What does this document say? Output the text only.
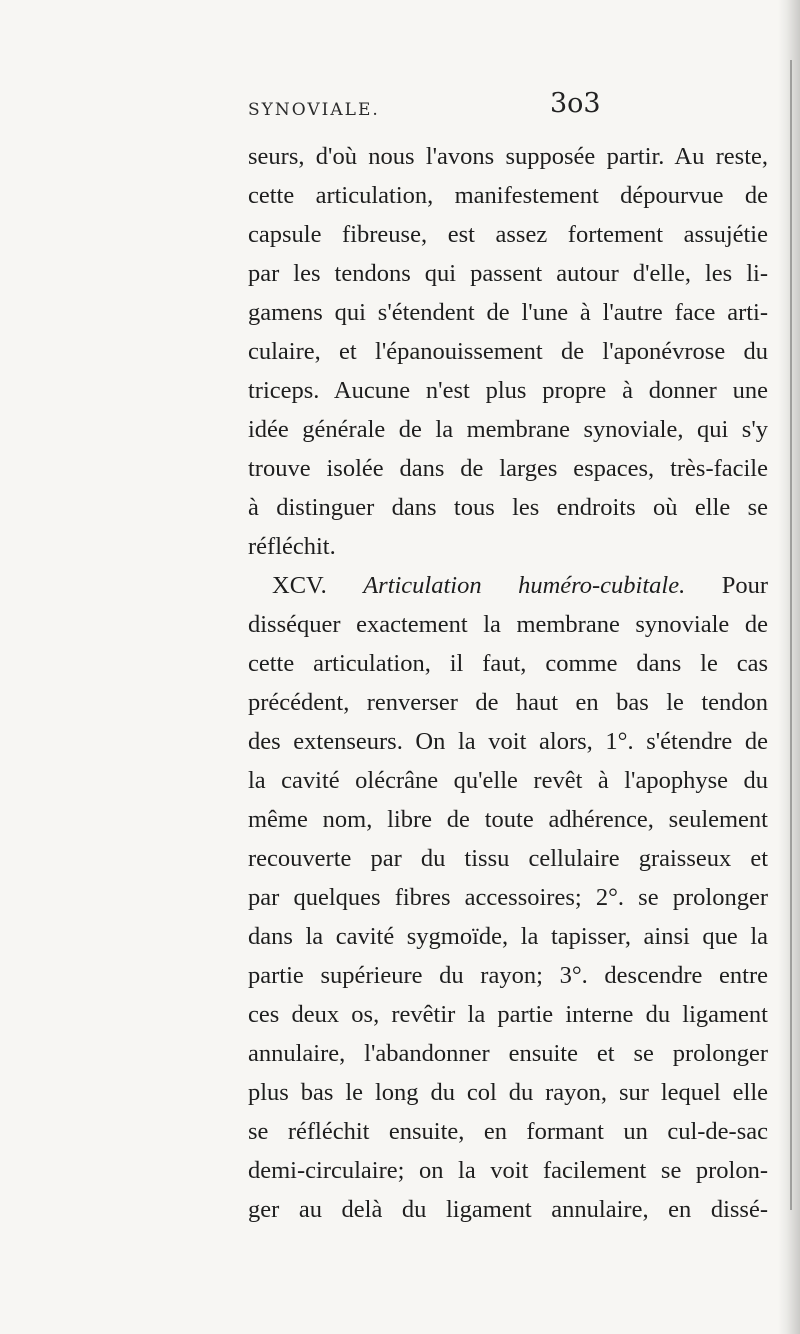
SYNOVIALE.	3o3
seurs, d'où nous l'avons supposée partir. Au reste,
cette articulation, manifestement dépourvue de
capsule fibreuse, est assez fortement assujétie
par les tendons qui passent autour d'elle, les li-
gamens qui s'étendent de l'une à l'autre face arti-
culaire, et l'épanouissement de l'aponévrose du
triceps. Aucune n'est plus propre à donner une
idée générale de la membrane synoviale, qui s'y
trouve isolée dans de larges espaces, très-facile
à distinguer dans tous les endroits où elle se
réfléchit.
XCV. Articulation huméro-cubitale. Pour
disséquer exactement la membrane synoviale de
cette articulation, il faut, comme dans le cas
précédent, renverser de haut en bas le tendon
des extenseurs. On la voit alors, 1°. s'étendre de
la cavité olécrâne qu'elle revêt à l'apophyse du
même nom, libre de toute adhérence, seulement
recouverte par du tissu cellulaire graisseux et
par quelques fibres accessoires; 2°. se prolonger
dans la cavité sygmoïde, la tapisser, ainsi que la
partie supérieure du rayon; 3°. descendre entre
ces deux os, revêtir la partie interne du ligament
annulaire, l'abandonner ensuite et se prolonger
plus bas le long du col du rayon, sur lequel elle
se réfléchit ensuite, en formant un cul-de-sac
demi-circulaire; on la voit facilement se prolon-
ger au delà du ligament annulaire, en dissé-
